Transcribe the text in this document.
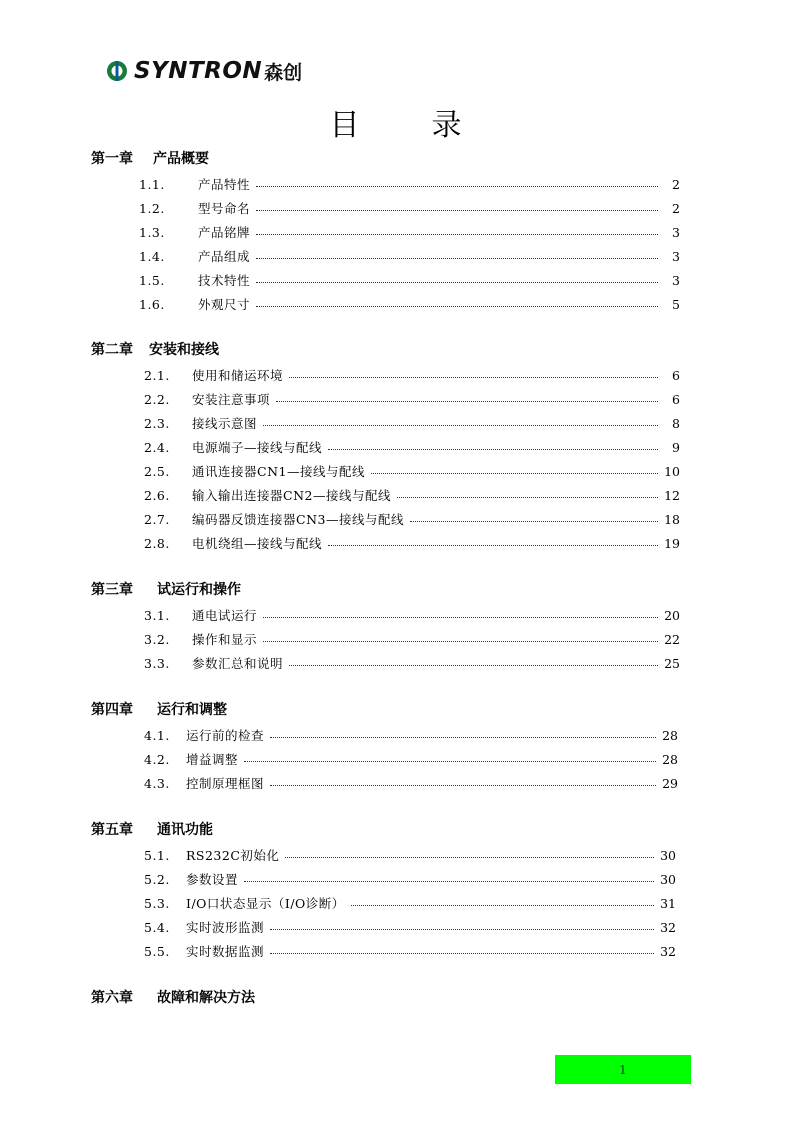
SYNTRON 森创
目 录
第一章 产品概要
1.1.	产品特性	2
1.2.	型号命名	2
1.3.	产品铭牌	3
1.4.	产品组成	3
1.5.	技术特性	3
1.6.	外观尺寸	5
第二章 安装和接线
2.1.	使用和储运环境	6
2.2.	安装注意事项	6
2.3.	接线示意图	8
2.4.	电源端子—接线与配线	9
2.5.	通讯连接器CN1—接线与配线	10
2.6.	输入输出连接器CN2—接线与配线	12
2.7.	编码器反馈连接器CN3—接线与配线	18
2.8.	电机绕组—接线与配线	19
第三章 试运行和操作
3.1.	通电试运行	20
3.2.	操作和显示	22
3.3.	参数汇总和说明	25
第四章 运行和调整
4.1.	运行前的检查	28
4.2.	增益调整	28
4.3.	控制原理框图	29
第五章 通讯功能
5.1.	RS232C初始化	30
5.2.	参数设置	30
5.3.	I/O口状态显示（I/O诊断）	31
5.4.	实时波形监测	32
5.5.	实时数据监测	32
第六章 故障和解决方法
1
